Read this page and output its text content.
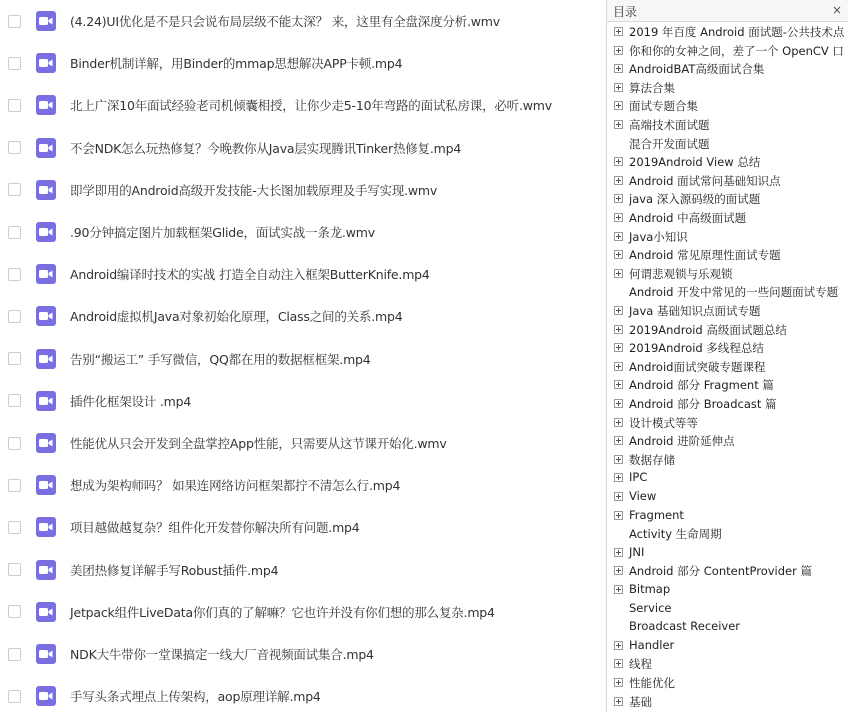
(4.24)UI优化是不是只会说布局层级不能太深？ 来，这里有全盘深度分析.wmv
Binder机制详解，用Binder的mmap思想解决APP卡顿.mp4
北上广深10年面试经验老司机倾囊相授，让你少走5-10年弯路的面试私房课，必听.wmv
不会NDK怎么玩热修复？今晚教你从Java层实现腾讯Tinker热修复.mp4
即学即用的Android高级开发技能-大长图加载原理及手写实现.wmv
.90分钟搞定图片加载框架Glide，面试实战一条龙.wmv
Android编译时技术的实战 打造全自动注入框架ButterKnife.mp4
Android虚拟机Java对象初始化原理，Class之间的关系.mp4
告别“搬运工” 手写微信，QQ都在用的数据框框架.mp4
插件化框架设计 .mp4
性能优从只会开发到全盘掌控App性能，只需要从这节课开始化.wmv
想成为架构师吗？ 如果连网络访问框架都拧不清怎么行.mp4
项目越做越复杂？组件化开发替你解决所有问题.mp4
美团热修复详解手写Robust插件.mp4
Jetpack组件LiveData你们真的了解嘛？它也许并没有你们想的那么复杂.mp4
NDK大牛带你一堂课搞定一线大厂音视频面试集合.mp4
手写头条式埋点上传架构，aop原理详解.mp4
目录	×
2019 年百度 Android 面试题-公共技术点
你和你的女神之间，差了一个 OpenCV 口
AndroidBAT高级面试合集
算法合集
面试专题合集
高端技术面试题
混合开发面试题
2019Android View 总结
Android 面试常问基础知识点
java 深入源码级的面试题
Android 中高级面试题
Java小知识
Android 常见原理性面试专题
何谓悲观锁与乐观锁
Android 开发中常见的一些问题面试专题
Java 基础知识点面试专题
2019Android 高级面试题总结
2019Android 多线程总结
Android面试突破专题课程
Android 部分 Fragment 篇
Android 部分 Broadcast 篇
设计模式等等
Android 进阶延伸点
数据存储
IPC
View
Fragment
Activity 生命周期
JNI
Android 部分 ContentProvider 篇
Bitmap
Service
Broadcast Receiver
Handler
线程
性能优化
基础
